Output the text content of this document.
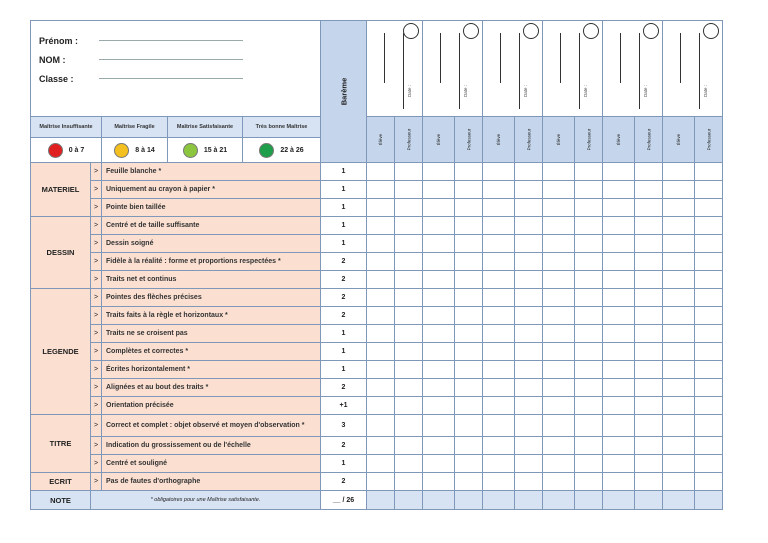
Prénom :
NOM :
Classe :					Barème	Date :		Date :		Date :		Date :		Date :		Date :	

Maîtrise Insuffisante		Maîtrise Fragile	Maîtrise Satisfaisante	Très bonne Maîtrise		Élève	Professeur	Élève	Professeur	Élève	Professeur	Élève	Professeur	Élève	Professeur	Élève	Professeur

0 à 7		8 à 14	15 à 21	22 à 26													

MATERIEL	>	Feuille blanche *			1												
	>	Uniquement au crayon à papier *			1												
	>	Pointe bien taillée			1												
DESSIN	>	Centré et de taille suffisante			1												
	>	Dessin soigné			1												
	>	Fidèle à la réalité : forme et proportions respectées *			2												
	>	Traits net et continus			2												
LEGENDE	>	Pointes des flèches précises			2												
	>	Traits faits à la règle et horizontaux *			2												
	>	Traits ne se croisent pas			1												
	>	Complètes et correctes *			1												
	>	Écrites horizontalement *			1												
	>	Alignées et au bout des traits *			2												
	>	Orientation précisée			+1												
TITRE	>	Correct et complet : objet observé et moyen d'observation *			3												
	>	Indication du grossissement ou de l'échelle			2												
	>	Centré et souligné			1												
ECRIT	>	Pas de fautes d'orthographe			2												
NOTE	* obligatoires pour une Maîtrise satisfaisante.				__ / 26												
